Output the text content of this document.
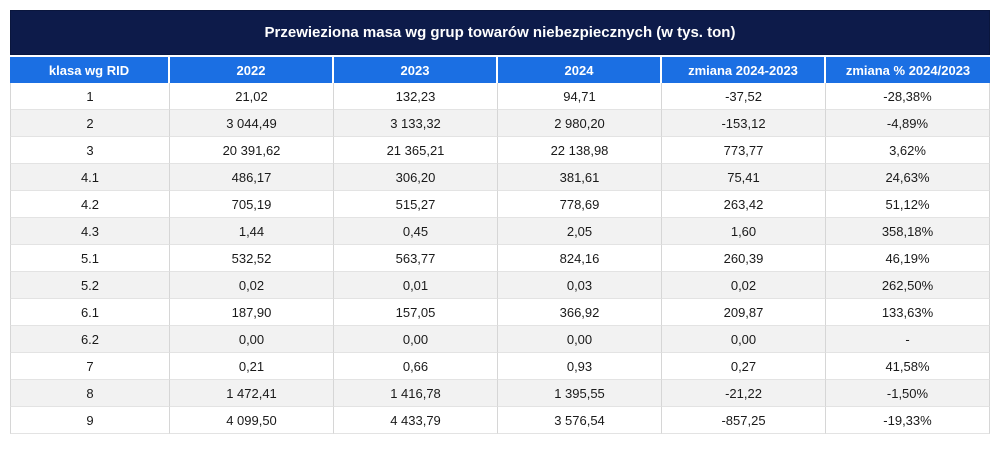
Przewieziona masa wg grup towarów niebezpiecznych (w tys. ton)
klasa wg RID	2022	2023	2024	zmiana 2024-2023	zmiana % 2024/2023
1	21,02	132,23	94,71	-37,52	-28,38%
2	3 044,49	3 133,32	2 980,20	-153,12	-4,89%
3	20 391,62	21 365,21	22 138,98	773,77	3,62%
4.1	486,17	306,20	381,61	75,41	24,63%
4.2	705,19	515,27	778,69	263,42	51,12%
4.3	1,44	0,45	2,05	1,60	358,18%
5.1	532,52	563,77	824,16	260,39	46,19%
5.2	0,02	0,01	0,03	0,02	262,50%
6.1	187,90	157,05	366,92	209,87	133,63%
6.2	0,00	0,00	0,00	0,00	-
7	0,21	0,66	0,93	0,27	41,58%
8	1 472,41	1 416,78	1 395,55	-21,22	-1,50%
9	4 099,50	4 433,79	3 576,54	-857,25	-19,33%
